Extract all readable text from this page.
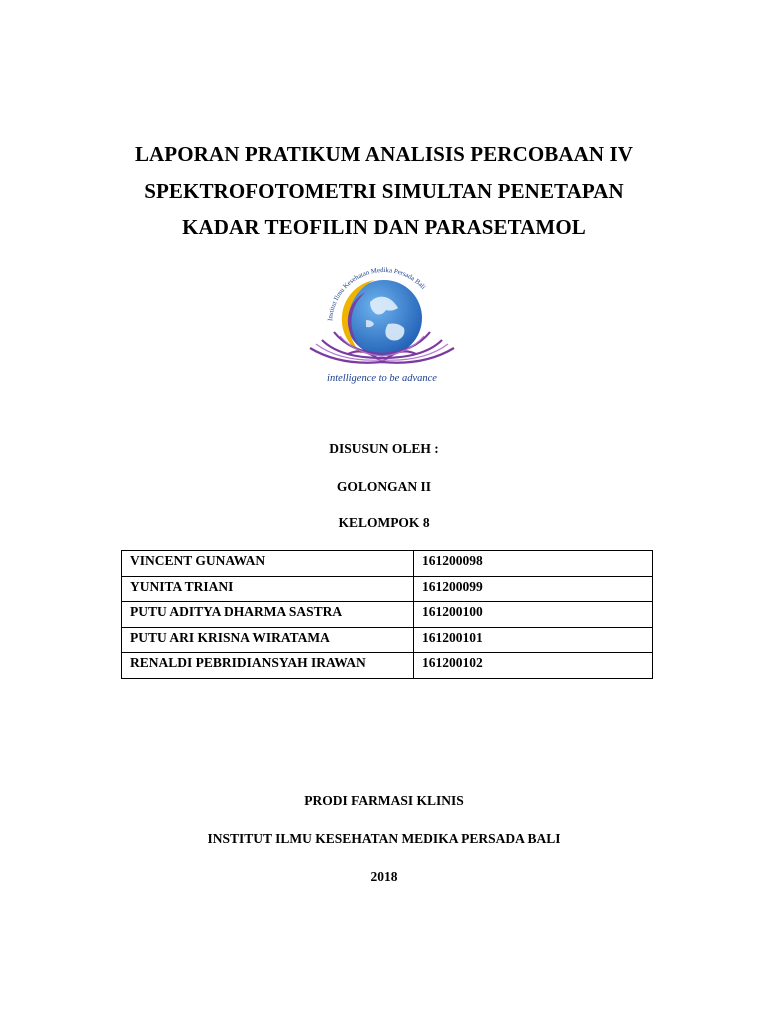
LAPORAN PRATIKUM ANALISIS PERCOBAAN IV
SPEKTROFOTOMETRI SIMULTAN PENETAPAN
KADAR TEOFILIN DAN PARASETAMOL
Institut Ilmu Kesehatan Medika Persada Bali
intelligence to be advance
DISUSUN OLEH :
GOLONGAN II
KELOMPOK 8
VINCENT GUNAWAN	161200098
YUNITA TRIANI	161200099
PUTU ADITYA DHARMA SASTRA	161200100
PUTU ARI KRISNA WIRATAMA	161200101
RENALDI PEBRIDIANSYAH IRAWAN	161200102
PRODI FARMASI KLINIS
INSTITUT ILMU KESEHATAN MEDIKA PERSADA BALI
2018
